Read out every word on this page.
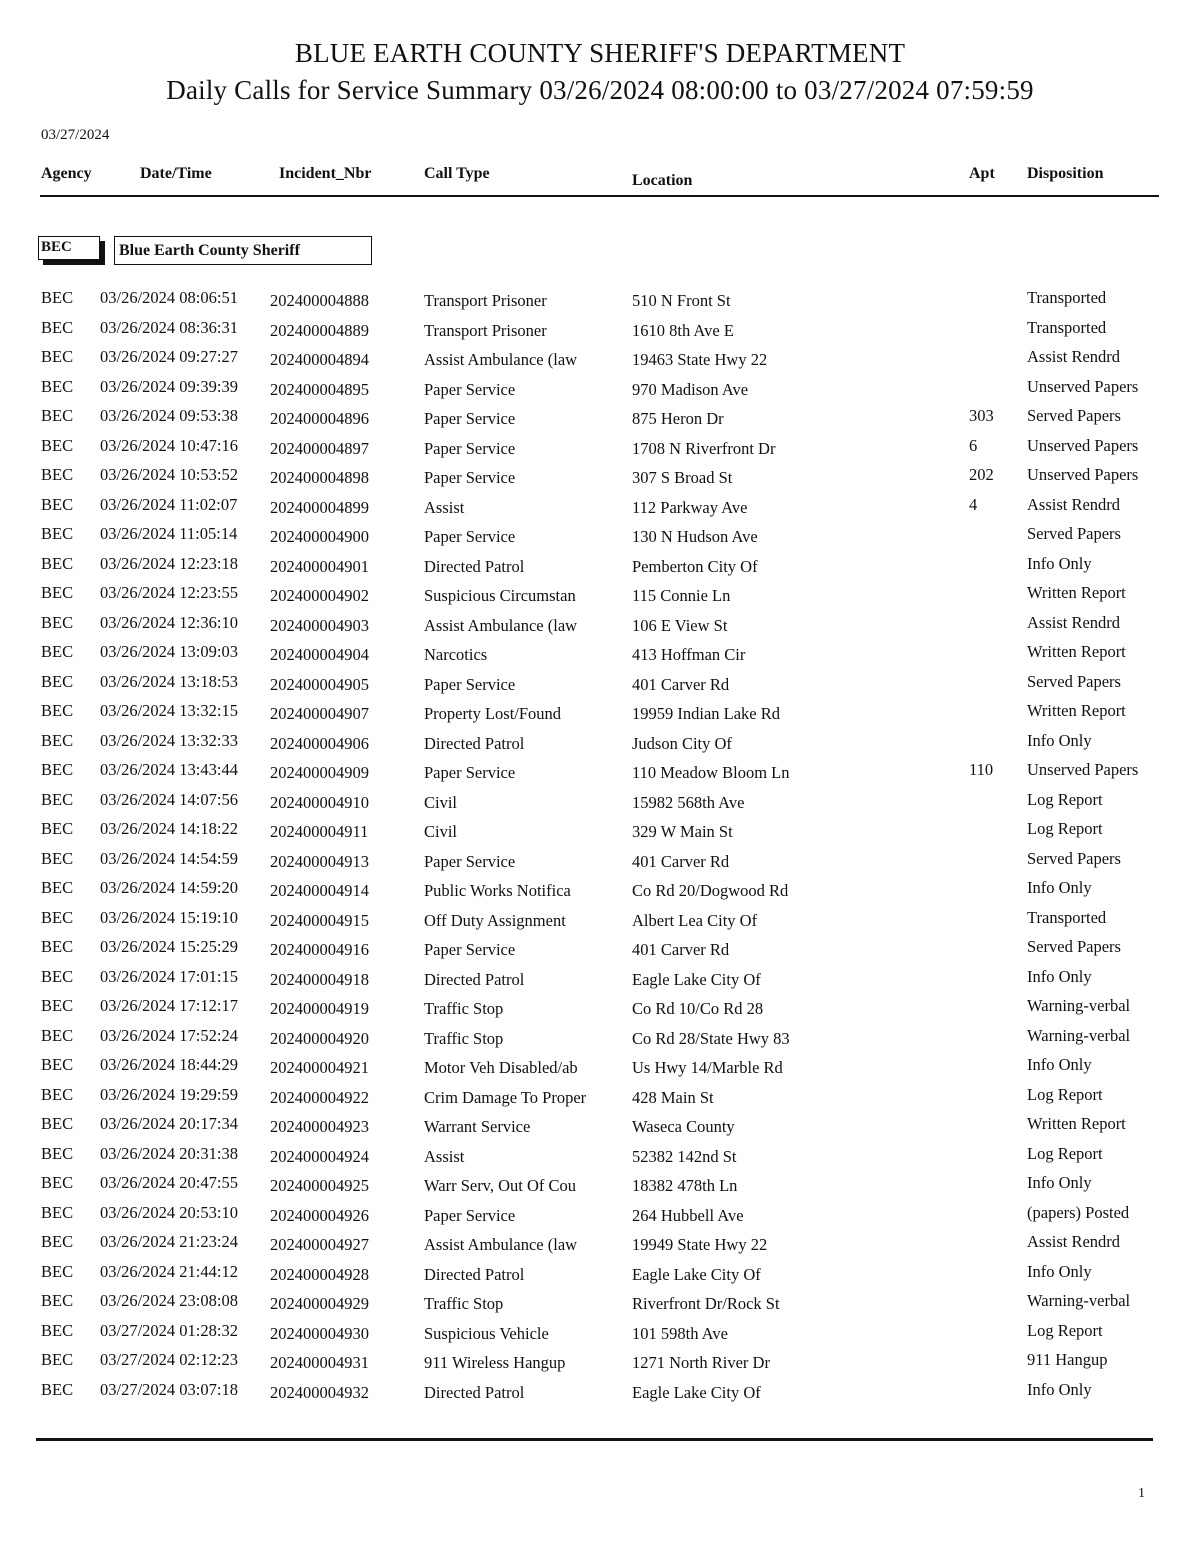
BLUE EARTH COUNTY SHERIFF'S DEPARTMENT
Daily Calls for Service Summary 03/26/2024 08:00:00 to 03/27/2024 07:59:59
03/27/2024
Agency	Date/Time	Incident_Nbr	Call Type	Location	Apt Disposition
BEC	Blue Earth County Sheriff
BEC 03/26/2024 08:06:51 202400004888	Transport Prisoner	510 N Front St	Transported
BEC 03/26/2024 08:36:31 202400004889	Transport Prisoner	1610 8th Ave E	Transported
BEC 03/26/2024 09:27:27 202400004894	Assist Ambulance (law	19463 State Hwy 22	Assist Rendrd
BEC 03/26/2024 09:39:39 202400004895	Paper Service	970 Madison Ave	Unserved Papers
BEC 03/26/2024 09:53:38 202400004896	Paper Service	875 Heron Dr	303 Served Papers
BEC 03/26/2024 10:47:16 202400004897	Paper Service	1708 N Riverfront Dr	6	Unserved Papers
BEC 03/26/2024 10:53:52 202400004898	Paper Service	307 S Broad St	202 Unserved Papers
BEC 03/26/2024 11:02:07 202400004899	Assist	112 Parkway Ave	4	Assist Rendrd
BEC 03/26/2024 11:05:14 202400004900	Paper Service	130 N Hudson Ave	Served Papers
BEC 03/26/2024 12:23:18 202400004901	Directed Patrol	Pemberton City Of	Info Only
BEC 03/26/2024 12:23:55 202400004902	Suspicious Circumstan	115 Connie Ln	Written Report
BEC 03/26/2024 12:36:10 202400004903	Assist Ambulance (law	106 E View St	Assist Rendrd
BEC 03/26/2024 13:09:03 202400004904	Narcotics	413 Hoffman Cir	Written Report
BEC 03/26/2024 13:18:53 202400004905	Paper Service	401 Carver Rd	Served Papers
BEC 03/26/2024 13:32:15 202400004907	Property Lost/Found	19959 Indian Lake Rd	Written Report
BEC 03/26/2024 13:32:33 202400004906	Directed Patrol	Judson City Of	Info Only
BEC 03/26/2024 13:43:44 202400004909	Paper Service	110 Meadow Bloom Ln	110 Unserved Papers
BEC 03/26/2024 14:07:56 202400004910	Civil	15982 568th Ave	Log Report
BEC 03/26/2024 14:18:22 202400004911	Civil	329 W Main St	Log Report
BEC 03/26/2024 14:54:59 202400004913	Paper Service	401 Carver Rd	Served Papers
BEC 03/26/2024 14:59:20 202400004914	Public Works Notifica	Co Rd 20/Dogwood Rd	Info Only
BEC 03/26/2024 15:19:10 202400004915	Off Duty Assignment	Albert Lea City Of	Transported
BEC 03/26/2024 15:25:29 202400004916	Paper Service	401 Carver Rd	Served Papers
BEC 03/26/2024 17:01:15 202400004918	Directed Patrol	Eagle Lake City Of	Info Only
BEC 03/26/2024 17:12:17 202400004919	Traffic Stop	Co Rd 10/Co Rd 28	Warning-verbal
BEC 03/26/2024 17:52:24 202400004920	Traffic Stop	Co Rd 28/State Hwy 83	Warning-verbal
BEC 03/26/2024 18:44:29 202400004921	Motor Veh Disabled/ab	Us Hwy 14/Marble Rd	Info Only
BEC 03/26/2024 19:29:59 202400004922	Crim Damage To Proper	428 Main St	Log Report
BEC 03/26/2024 20:17:34 202400004923	Warrant Service	Waseca County	Written Report
BEC 03/26/2024 20:31:38 202400004924	Assist	52382 142nd St	Log Report
BEC 03/26/2024 20:47:55 202400004925	Warr Serv, Out Of Cou	18382 478th Ln	Info Only
BEC 03/26/2024 20:53:10 202400004926	Paper Service	264 Hubbell Ave	(papers) Posted
BEC 03/26/2024 21:23:24 202400004927	Assist Ambulance (law	19949 State Hwy 22	Assist Rendrd
BEC 03/26/2024 21:44:12 202400004928	Directed Patrol	Eagle Lake City Of	Info Only
BEC 03/26/2024 23:08:08 202400004929	Traffic Stop	Riverfront Dr/Rock St	Warning-verbal
BEC 03/27/2024 01:28:32 202400004930	Suspicious Vehicle	101 598th Ave	Log Report
BEC 03/27/2024 02:12:23 202400004931	911 Wireless Hangup	1271 North River Dr	911 Hangup
BEC 03/27/2024 03:07:18 202400004932	Directed Patrol	Eagle Lake City Of	Info Only
1
